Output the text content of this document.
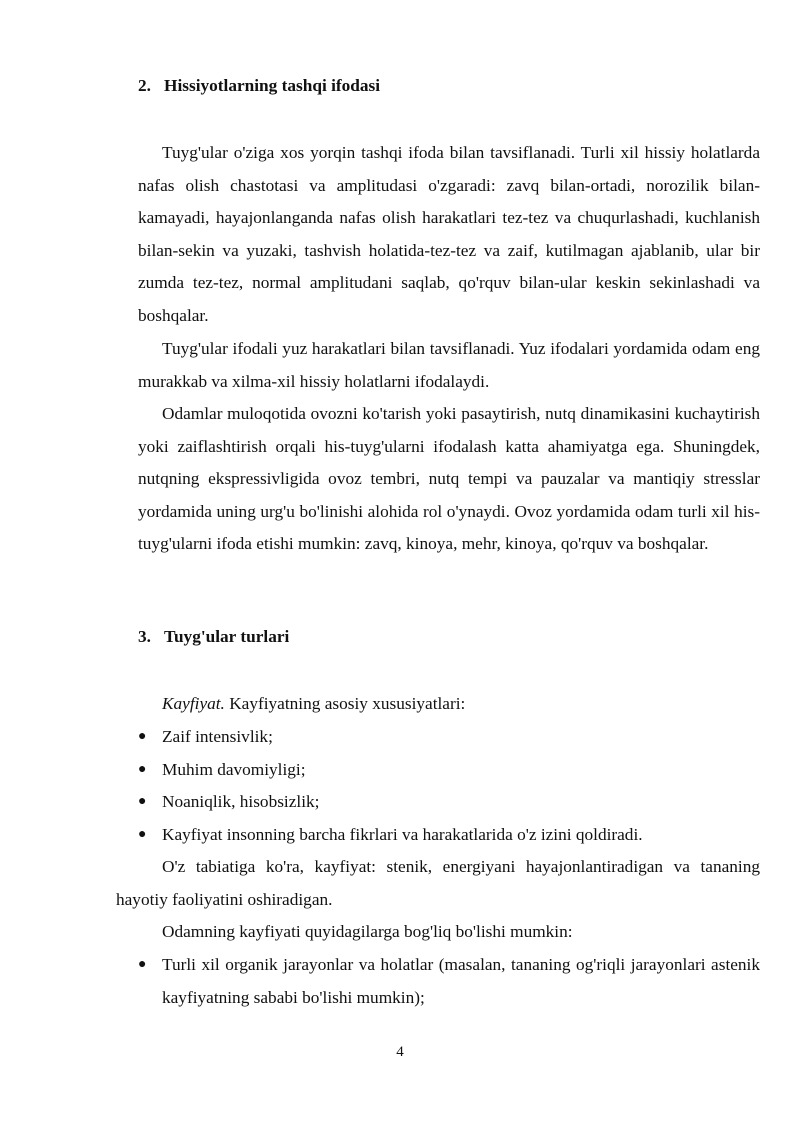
2. Hissiyotlarning tashqi ifodasi

Tuyg'ular o'ziga xos yorqin tashqi ifoda bilan tavsiflanadi. Turli xil hissiy holatlarda nafas olish chastotasi va amplitudasi o'zgaradi: zavq bilan-ortadi, norozilik bilan-kamayadi, hayajonlanganda nafas olish harakatlari tez-tez va chuqurlashadi, kuchlanish bilan-sekin va yuzaki, tashvish holatida-tez-tez va zaif, kutilmagan ajablanib, ular bir zumda tez-tez, normal amplitudani saqlab, qo'rquv bilan-ular keskin sekinlashadi va boshqalar.

Tuyg'ular ifodali yuz harakatlari bilan tavsiflanadi. Yuz ifodalari yordamida odam eng murakkab va xilma-xil hissiy holatlarni ifodalaydi.

Odamlar muloqotida ovozni ko'tarish yoki pasaytirish, nutq dinamikasini kuchaytirish yoki zaiflashtirish orqali his-tuyg'ularni ifodalash katta ahamiyatga ega. Shuningdek, nutqning ekspressivligida ovoz tembri, nutq tempi va pauzalar va mantiqiy stresslar yordamida uning urg'u bo'linishi alohida rol o'ynaydi. Ovoz yordamida odam turli xil his-tuyg'ularni ifoda etishi mumkin: zavq, kinoya, mehr, kinoya, qo'rquv va boshqalar.

3. Tuyg'ular turlari

Kayfiyat. Kayfiyatning asosiy xususiyatlari:

● Zaif intensivlik;
● Muhim davomiyligi;
● Noaniqlik, hisobsizlik;
● Kayfiyat insonning barcha fikrlari va harakatlarida o'z izini qoldiradi.

O'z tabiatiga ko'ra, kayfiyat: stenik, energiyani hayajonlantiradigan va tananing hayotiy faoliyatini oshiradigan.

Odamning kayfiyati quyidagilarga bog'liq bo'lishi mumkin:

● Turli xil organik jarayonlar va holatlar (masalan, tananing og'riqli jarayonlari astenik kayfiyatning sababi bo'lishi mumkin);
4
